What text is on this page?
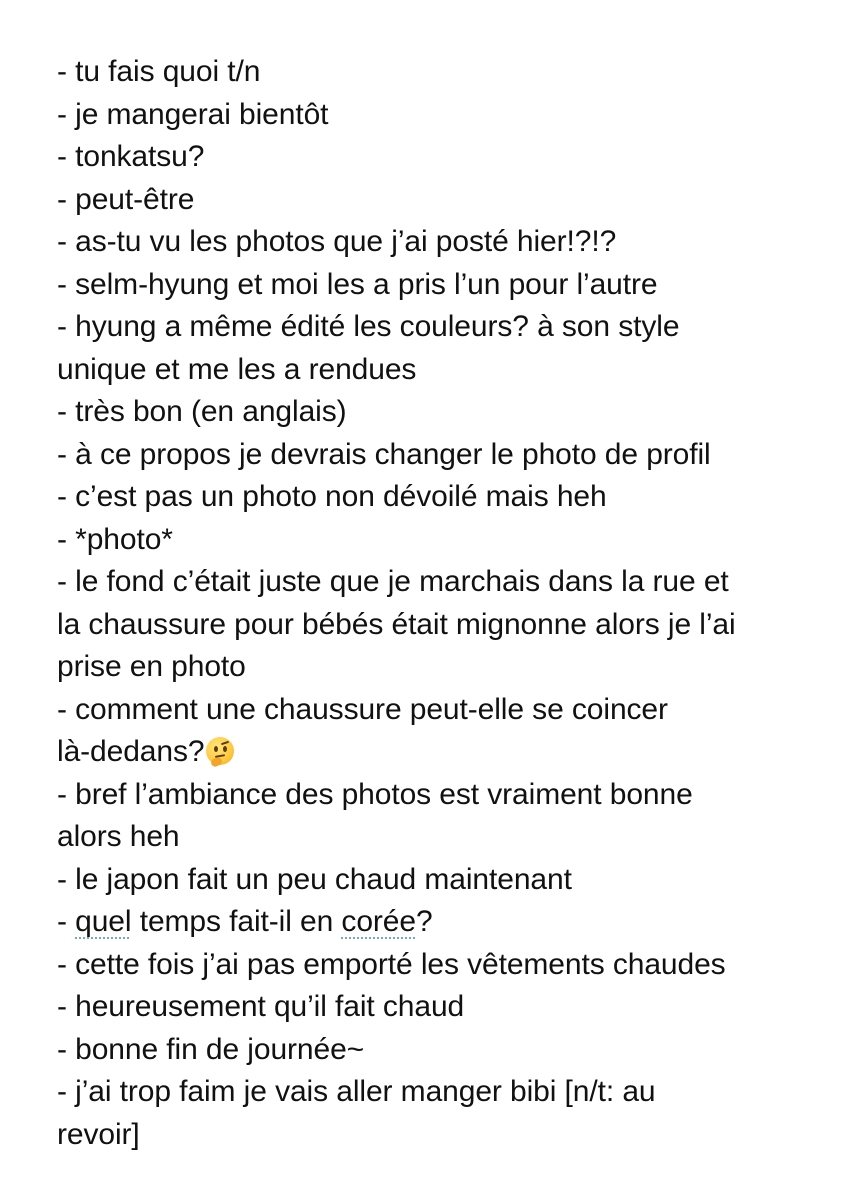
- tu fais quoi t/n
- je mangerai bientôt
- tonkatsu?
- peut-être
- as-tu vu les photos que j’ai posté hier!?!?
- selm-hyung et moi les a pris l’un pour l’autre
- hyung a même édité les couleurs? à son style
unique et me les a rendues
- très bon (en anglais)
- à ce propos je devrais changer le photo de profil
- c’est pas un photo non dévoilé mais heh
- *photo*
- le fond c’était juste que je marchais dans la rue et
la chaussure pour bébés était mignonne alors je l’ai
prise en photo
- comment une chaussure peut-elle se coincer
là-dedans?
- bref l’ambiance des photos est vraiment bonne
alors heh
- le japon fait un peu chaud maintenant
- quel temps fait-il en corée?
- cette fois j’ai pas emporté les vêtements chaudes
- heureusement qu’il fait chaud
- bonne fin de journée~
- j’ai trop faim je vais aller manger bibi [n/t: au
revoir]
